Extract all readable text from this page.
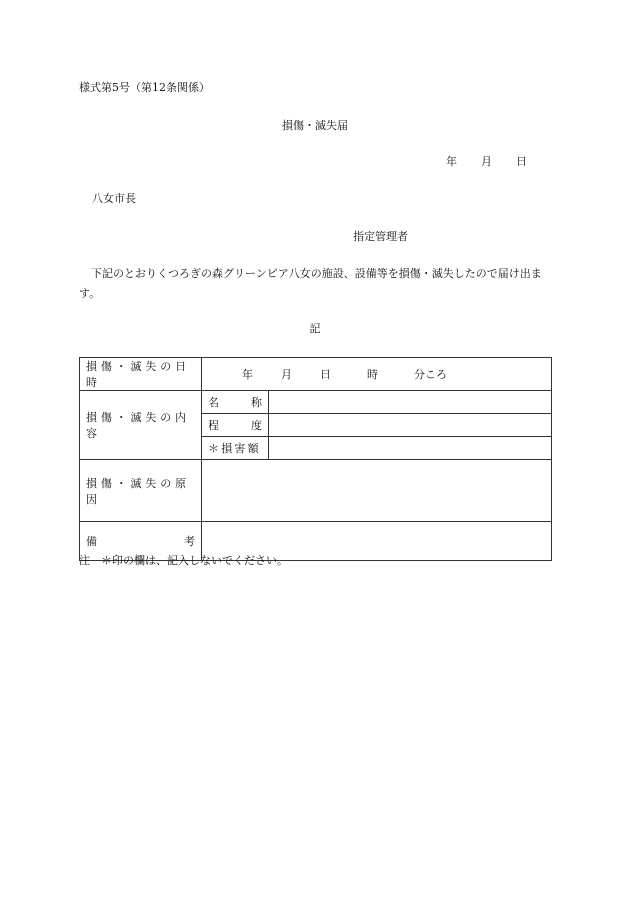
様式第5号（第12条関係）
損傷・滅失届
年 月 日
八女市長
指定管理者
下記のとおりくつろぎの森グリーンピア八女の施設、設備等を損傷・滅失したので届け出ます。
記
損傷・滅失の日時	年 月 日 時 分ころ	
損傷・滅失の内容	名 称	

	程 度	

	＊損害額	
損傷・滅失の原因		

備 考		

注　＊印の欄は、記入しないでください。
